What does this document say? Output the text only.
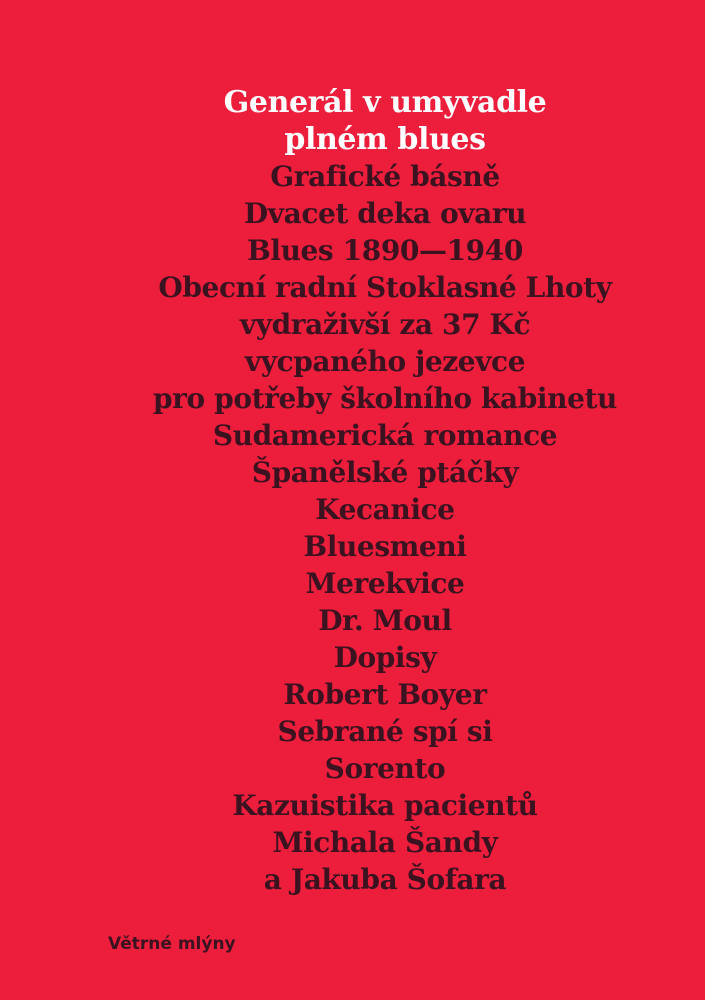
Generál v umyvadle
plném blues
Grafické básně
Dvacet deka ovaru
Blues 1890—1940
Obecní radní Stoklasné Lhoty
vydraživší za 37 Kč
vycpaného jezevce
pro potřeby školního kabinetu
Sudamerická romance
Španělské ptáčky
Kecanice
Bluesmeni
Merekvice
Dr. Moul
Dopisy
Robert Boyer
Sebrané spí si
Sorento
Kazuistika pacientů
Michala Šandy
a Jakuba Šofara
Větrné mlýny
